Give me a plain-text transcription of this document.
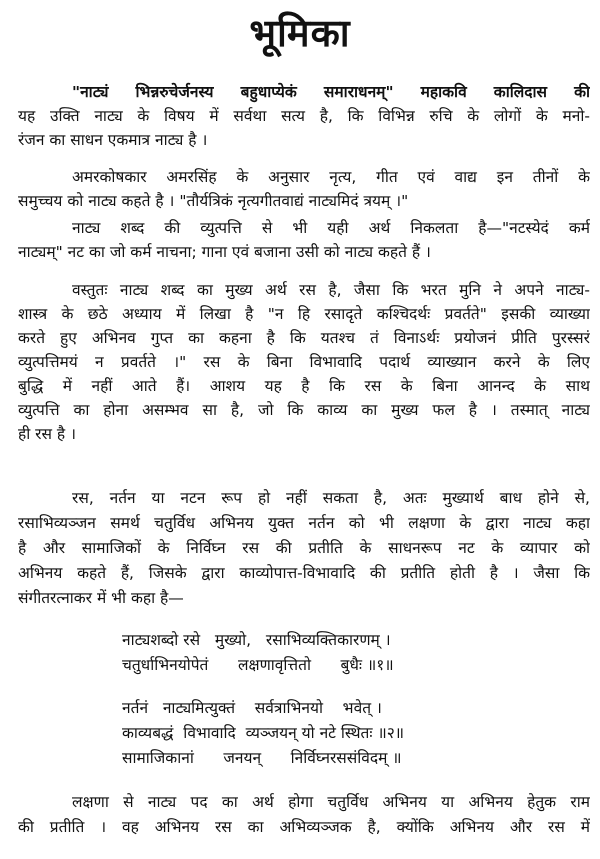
भूमिका
"नाट्यं भिन्नरुचेर्जनस्य बहुधाप्येकं समाराधनम्" महाकवि कालिदास की
यह उक्ति नाट्य के विषय में सर्वथा सत्य है, कि विभिन्न रुचि के लोगों के मनो-
रंजन का साधन एकमात्र नाट्य है ।
अमरकोषकार अमरसिंह के अनुसार नृत्य, गीत एवं वाद्य इन तीनों के
समुच्चय को नाट्य कहते है । "तौर्यत्रिकं नृत्यगीतवाद्यं नाट्यमिदं त्रयम् ।"
नाट्य शब्द की व्युत्पत्ति से भी यही अर्थ निकलता है—"नटस्येदं कर्म
नाट्यम्" नट का जो कर्म नाचना; गाना एवं बजाना उसी को नाट्य कहते हैं ।
वस्तुतः नाट्य शब्द का मुख्य अर्थ रस है, जैसा कि भरत मुनि ने अपने नाट्य-
शास्त्र के छठे अध्याय में लिखा है "न हि रसादृते कश्चिदर्थः प्रवर्तते" इसकी व्याख्या
करते हुए अभिनव गुप्त का कहना है कि यतश्च तं विनाऽर्थः प्रयोजनं प्रीति पुरस्सरं
व्युत्पत्तिमयं न प्रवर्तते ।" रस के बिना विभावादि पदार्थ व्याख्यान करने के लिए
बुद्धि में नहीं आते हैं। आशय यह है कि रस के बिना आनन्द के साथ
व्युत्पत्ति का होना असम्भव सा है, जो कि काव्य का मुख्य फल है । तस्मात् नाट्य
ही रस है ।
रस, नर्तन या नटन रूप हो नहीं सकता है, अतः मुख्यार्थ बाध होने से,
रसाभिव्यञ्जन समर्थ चतुर्विध अभिनय युक्त नर्तन को भी लक्षणा के द्वारा नाट्य कहा
है और सामाजिकों के निर्विघ्न रस की प्रतीति के साधनरूप नट के व्यापार को
अभिनय कहते हैं, जिसके द्वारा काव्योपात्त-विभावादि की प्रतीति होती है । जैसा कि
संगीतरत्नाकर में भी कहा है—
नाट्यशब्दो रसे   मुख्यो,   रसाभिव्यक्तिकारणम् ।
चतुर्धाभिनयोपेतं      लक्षणावृत्तितो      बुधैः ॥१॥
नर्तनं   नाट्यमित्युक्तं    सर्वत्राभिनयो    भवेत् ।
काव्यबद्धं  विभावादि  व्यञ्जयन् यो नटे स्थितः ॥२॥
सामाजिकानां      जनयन्      निर्विघ्नरससंविदम् ॥
लक्षणा से नाट्य पद का अर्थ होगा चतुर्विध अभिनय या अभिनय हेतुक राम
की प्रतीति । वह अभिनय रस का अभिव्यञ्जक है, क्योंकि अभिनय और रस में
